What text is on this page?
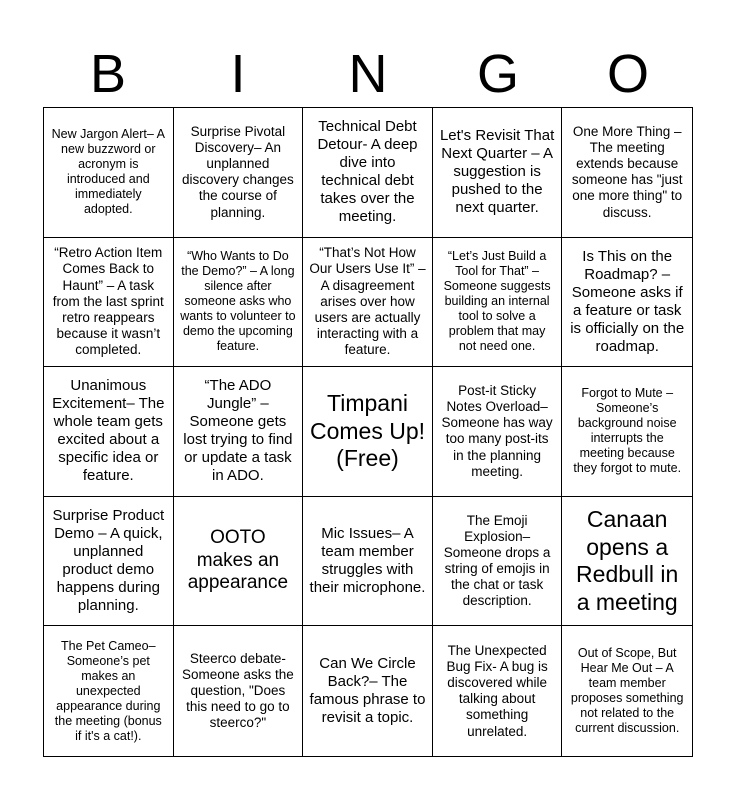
B	I	N	G	O
New Jargon Alert– A new buzzword or acronym is introduced and immediately adopted.
Surprise Pivotal Discovery– An unplanned discovery changes the course of planning.
Technical Debt Detour- A deep dive into technical debt takes over the meeting.
Let's Revisit That Next Quarter – A suggestion is pushed to the next quarter.
One More Thing – The meeting extends because someone has "just one more thing" to discuss.
“Retro Action Item Comes Back to Haunt” – A task from the last sprint retro reappears because it wasn’t completed.
“Who Wants to Do the Demo?” – A long silence after someone asks who wants to volunteer to demo the upcoming feature.
“That’s Not How Our Users Use It” – A disagreement arises over how users are actually interacting with a feature.
“Let’s Just Build a Tool for That” – Someone suggests building an internal tool to solve a problem that may not need one.
Is This on the Roadmap? – Someone asks if a feature or task is officially on the roadmap.
Unanimous Excitement– The whole team gets excited about a specific idea or feature.
“The ADO Jungle” – Someone gets lost trying to find or update a task in ADO.
Timpani Comes Up! (Free)
Post-it Sticky Notes Overload– Someone has way too many post-its in the planning meeting.
Forgot to Mute – Someone’s background noise interrupts the meeting because they forgot to mute.
Surprise Product Demo – A quick, unplanned product demo happens during planning.
OOTO makes an appearance
Mic Issues– A team member struggles with their microphone.
The Emoji Explosion– Someone drops a string of emojis in the chat or task description.
Canaan opens a Redbull in a meeting
The Pet Cameo– Someone’s pet makes an unexpected appearance during the meeting (bonus if it's a cat!).
Steerco debate- Someone asks the question, "Does this need to go to steerco?"
Can We Circle Back?– The famous phrase to revisit a topic.
The Unexpected Bug Fix- A bug is discovered while talking about something unrelated.
Out of Scope, But Hear Me Out – A team member proposes something not related to the current discussion.
